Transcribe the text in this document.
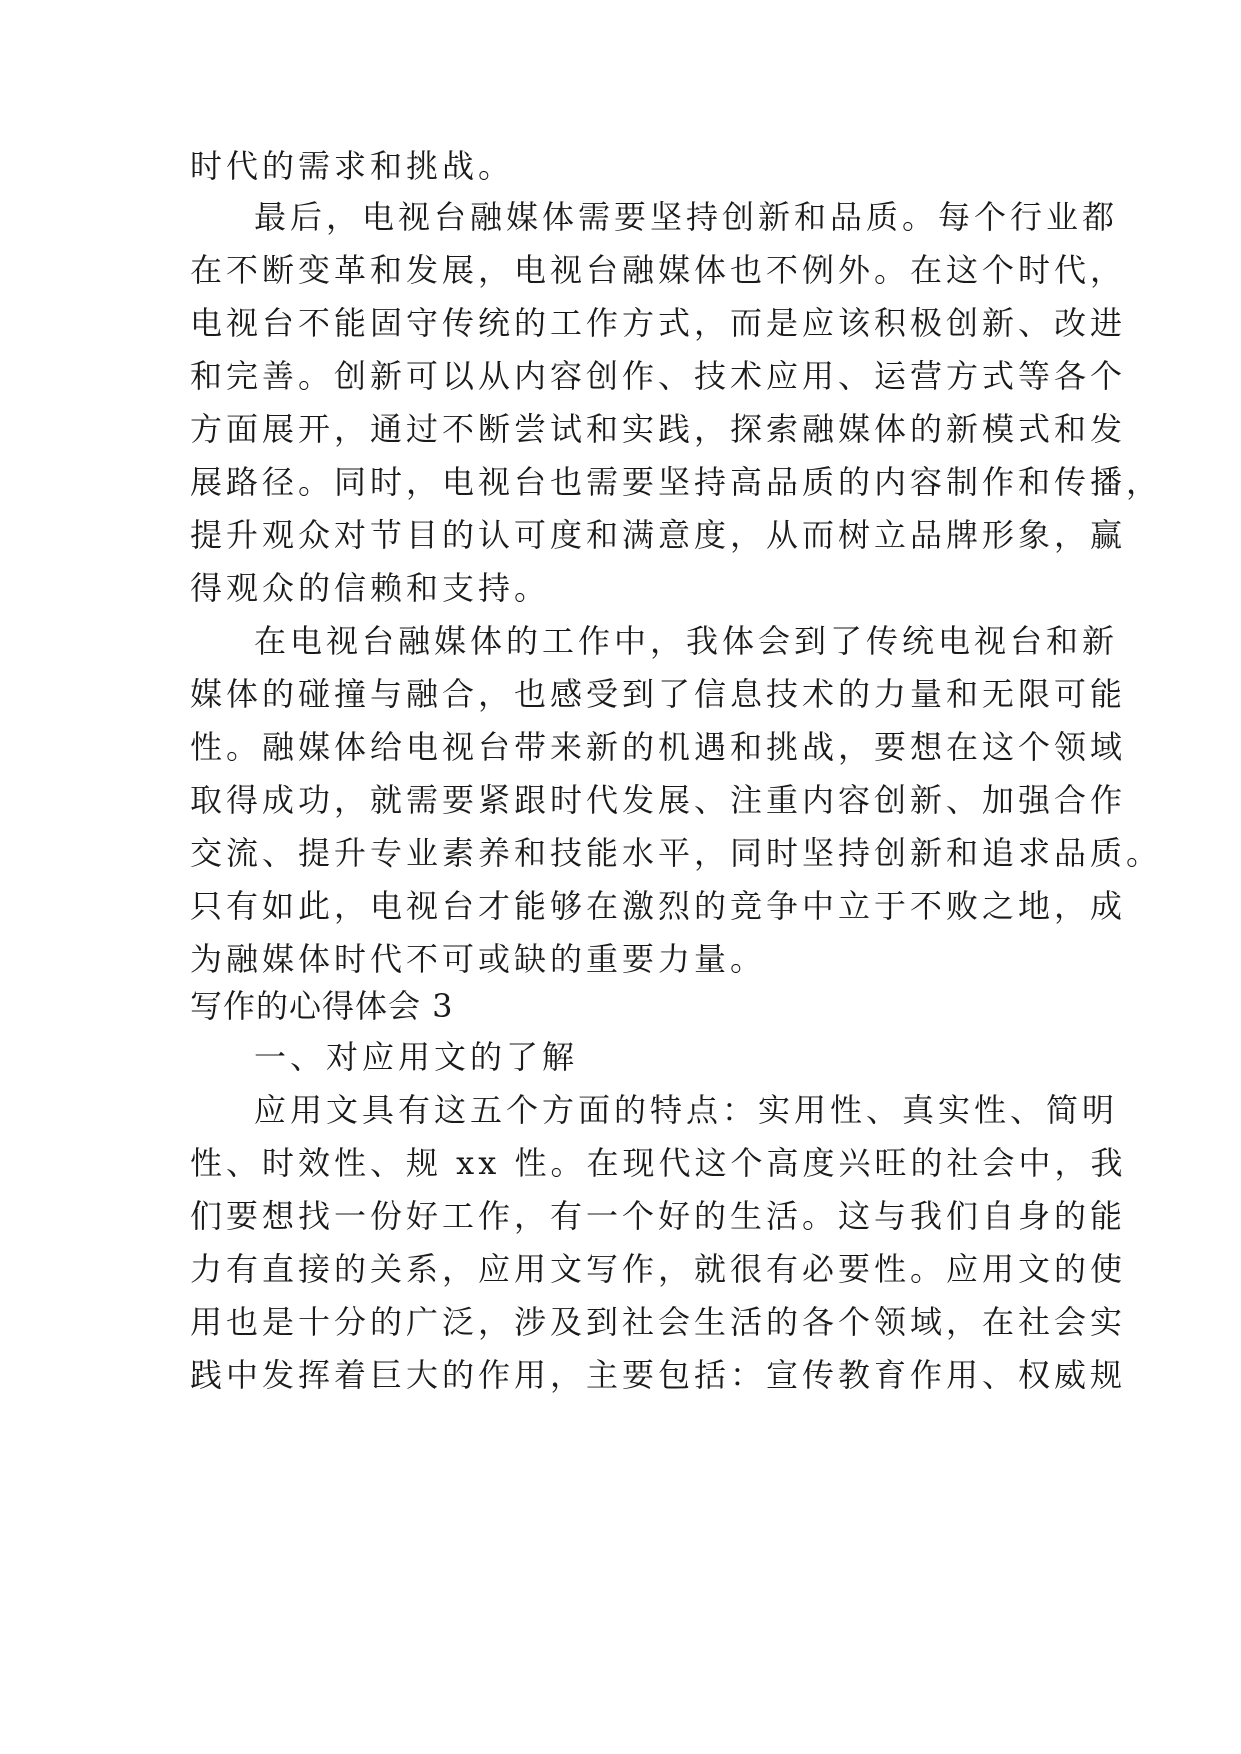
时代的需求和挑战。
最后，电视台融媒体需要坚持创新和品质。每个行业都
在不断变革和发展，电视台融媒体也不例外。在这个时代，
电视台不能固守传统的工作方式，而是应该积极创新、改进
和完善。创新可以从内容创作、技术应用、运营方式等各个
方面展开，通过不断尝试和实践，探索融媒体的新模式和发
展路径。同时，电视台也需要坚持高品质的内容制作和传播，
提升观众对节目的认可度和满意度，从而树立品牌形象，赢
得观众的信赖和支持。
在电视台融媒体的工作中，我体会到了传统电视台和新
媒体的碰撞与融合，也感受到了信息技术的力量和无限可能
性。融媒体给电视台带来新的机遇和挑战，要想在这个领域
取得成功，就需要紧跟时代发展、注重内容创新、加强合作
交流、提升专业素养和技能水平，同时坚持创新和追求品质。
只有如此，电视台才能够在激烈的竞争中立于不败之地，成
为融媒体时代不可或缺的重要力量。
写作的心得体会 3
一、对应用文的了解
应用文具有这五个方面的特点：实用性、真实性、简明
性、时效性、规 xx 性。在现代这个高度兴旺的社会中，我
们要想找一份好工作，有一个好的生活。这与我们自身的能
力有直接的关系，应用文写作，就很有必要性。应用文的使
用也是十分的广泛，涉及到社会生活的各个领域，在社会实
践中发挥着巨大的作用，主要包括：宣传教育作用、权威规
